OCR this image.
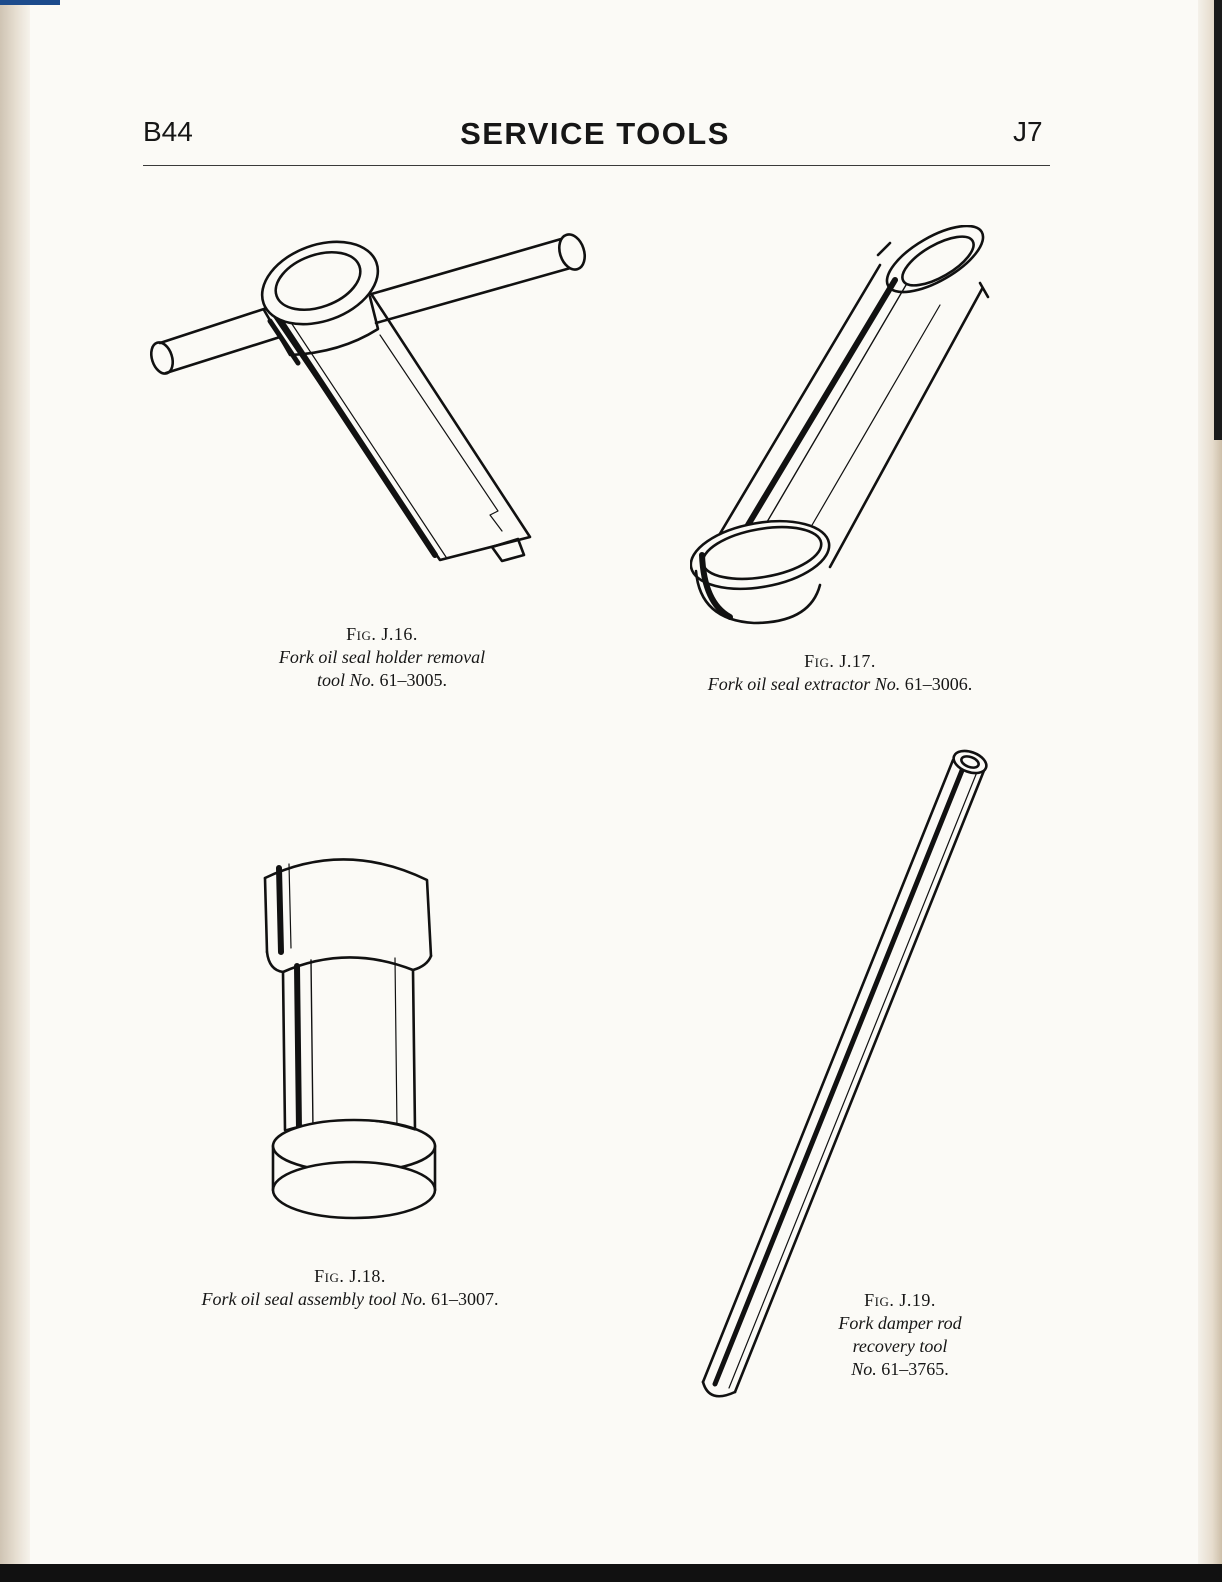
B44	SERVICE TOOLS	J7
Fig. J.16.
Fork oil seal holder removal
tool No. 61–3005.
Fig. J.17.
Fork oil seal extractor No. 61–3006.
Fig. J.18.
Fork oil seal assembly tool No. 61–3007.	Fig. J.19.
Fork damper rod
recovery tool
No. 61–3765.
